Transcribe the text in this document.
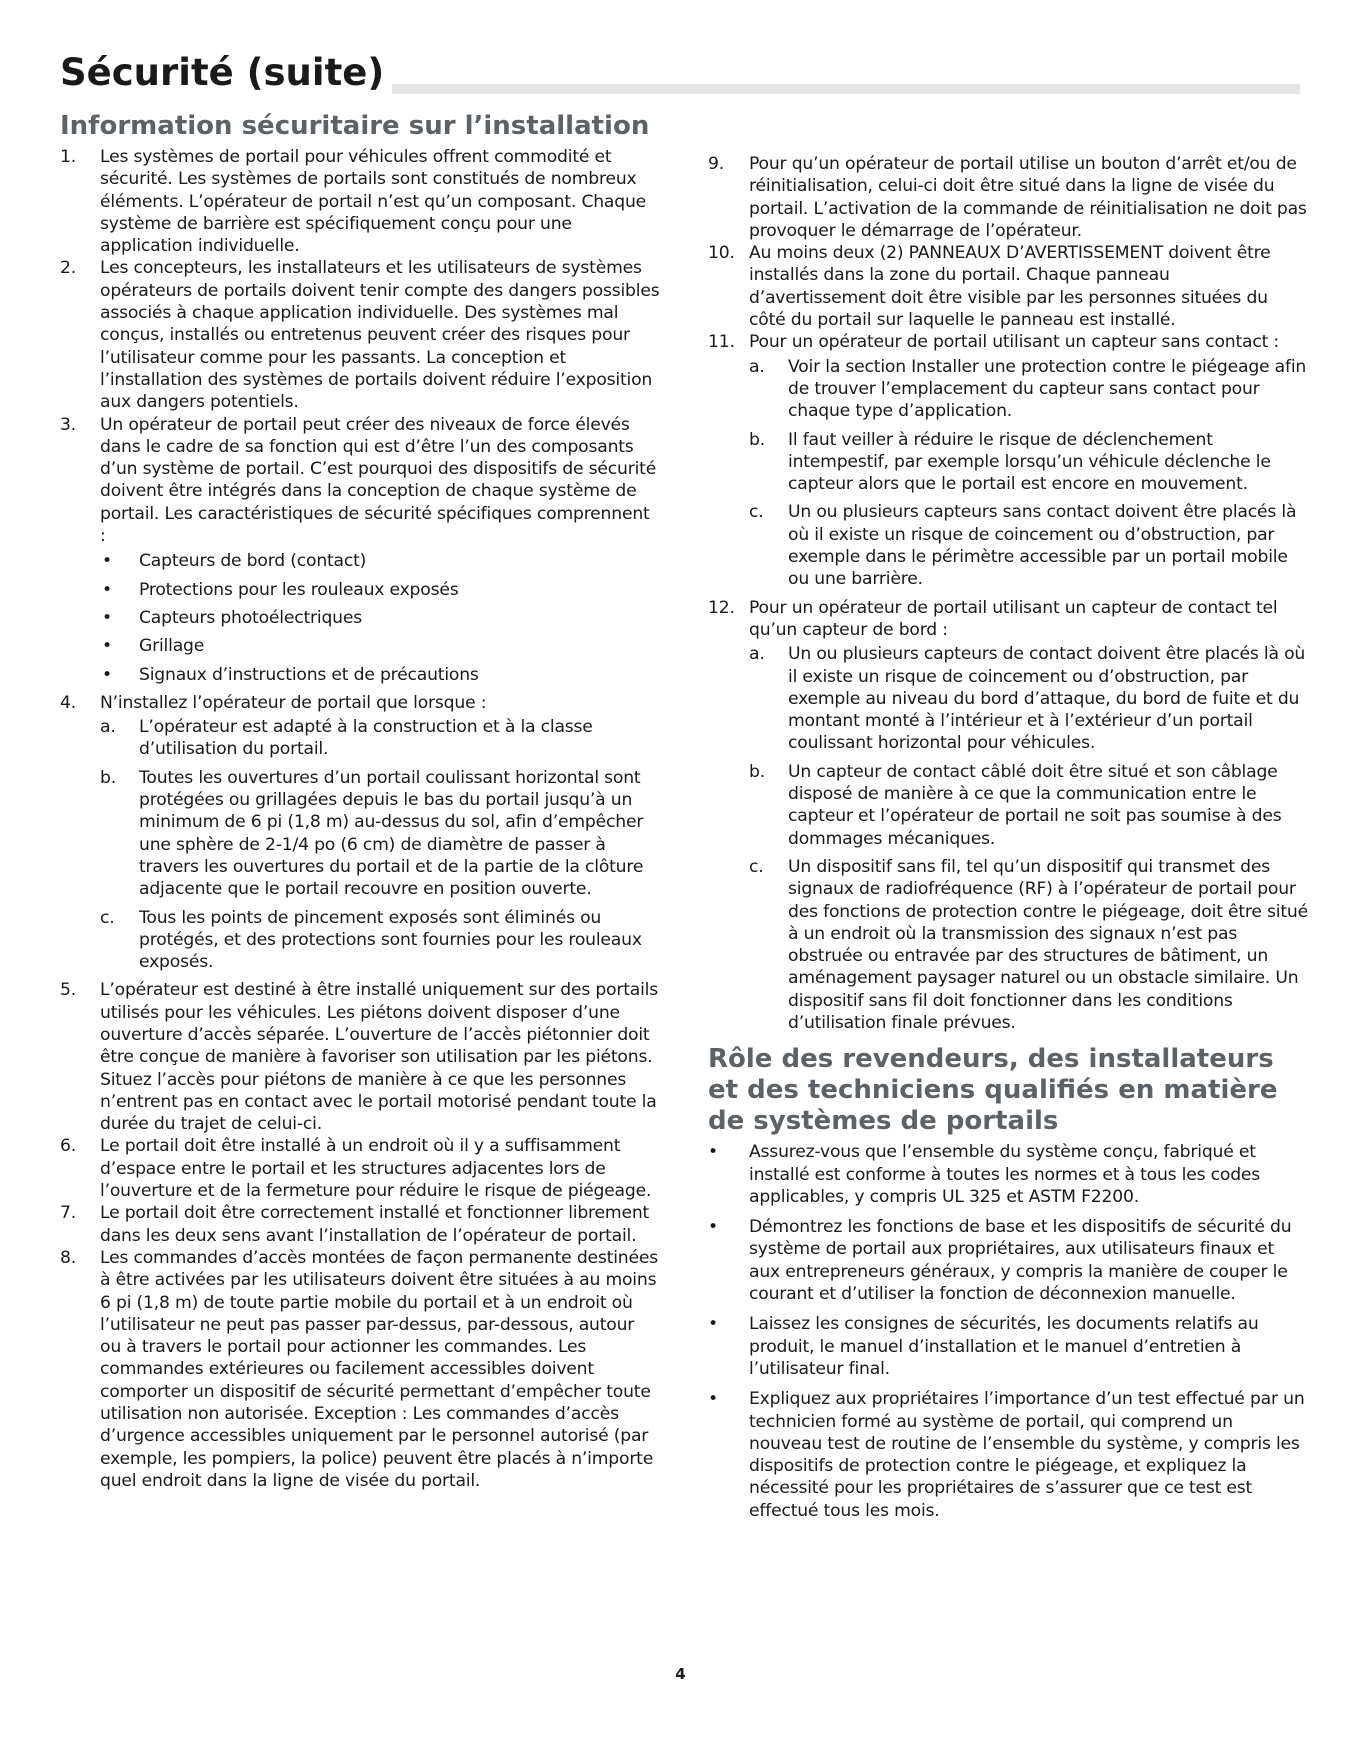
Sécurité (suite)
Information sécuritaire sur l’installation
1. Les systèmes de portail pour véhicules offrent commodité et sécurité. Les systèmes de portails sont constitués de nombreux éléments. L’opérateur de portail n’est qu’un composant. Chaque système de barrière est spécifiquement conçu pour une application individuelle.
2. Les concepteurs, les installateurs et les utilisateurs de systèmes opérateurs de portails doivent tenir compte des dangers possibles associés à chaque application individuelle. Des systèmes mal conçus, installés ou entretenus peuvent créer des risques pour l’utilisateur comme pour les passants. La conception et l’installation des systèmes de portails doivent réduire l’exposition aux dangers potentiels.
3. Un opérateur de portail peut créer des niveaux de force élevés dans le cadre de sa fonction qui est d’être l’un des composants d’un système de portail. C’est pourquoi des dispositifs de sécurité doivent être intégrés dans la conception de chaque système de portail. Les caractéristiques de sécurité spécifiques comprennent :
• Capteurs de bord (contact)
• Protections pour les rouleaux exposés
• Capteurs photoélectriques
• Grillage
• Signaux d’instructions et de précautions
4. N’installez l’opérateur de portail que lorsque :
a. L’opérateur est adapté à la construction et à la classe d’utilisation du portail.
b. Toutes les ouvertures d’un portail coulissant horizontal sont protégées ou grillagées depuis le bas du portail jusqu’à un minimum de 6 pi (1,8 m) au-dessus du sol, afin d’empêcher une sphère de 2-1/4 po (6 cm) de diamètre de passer à travers les ouvertures du portail et de la partie de la clôture adjacente que le portail recouvre en position ouverte.
c. Tous les points de pincement exposés sont éliminés ou protégés, et des protections sont fournies pour les rouleaux exposés.
5. L’opérateur est destiné à être installé uniquement sur des portails utilisés pour les véhicules. Les piétons doivent disposer d’une ouverture d’accès séparée. L’ouverture de l’accès piétonnier doit être conçue de manière à favoriser son utilisation par les piétons. Situez l’accès pour piétons de manière à ce que les personnes n’entrent pas en contact avec le portail motorisé pendant toute la durée du trajet de celui-ci.
6. Le portail doit être installé à un endroit où il y a suffisamment d’espace entre le portail et les structures adjacentes lors de l’ouverture et de la fermeture pour réduire le risque de piégeage.
7. Le portail doit être correctement installé et fonctionner librement dans les deux sens avant l’installation de l’opérateur de portail.
8. Les commandes d’accès montées de façon permanente destinées à être activées par les utilisateurs doivent être situées à au moins 6 pi (1,8 m) de toute partie mobile du portail et à un endroit où l’utilisateur ne peut pas passer par-dessus, par-dessous, autour ou à travers le portail pour actionner les commandes. Les commandes extérieures ou facilement accessibles doivent comporter un dispositif de sécurité permettant d’empêcher toute utilisation non autorisée. Exception : Les commandes d’accès d’urgence accessibles uniquement par le personnel autorisé (par exemple, les pompiers, la police) peuvent être placés à n’importe quel endroit dans la ligne de visée du portail.
9. Pour qu’un opérateur de portail utilise un bouton d’arrêt et/ou de réinitialisation, celui-ci doit être situé dans la ligne de visée du portail. L’activation de la commande de réinitialisation ne doit pas provoquer le démarrage de l’opérateur.
10. Au moins deux (2) PANNEAUX D’AVERTISSEMENT doivent être installés dans la zone du portail. Chaque panneau d’avertissement doit être visible par les personnes situées du côté du portail sur laquelle le panneau est installé.
11. Pour un opérateur de portail utilisant un capteur sans contact :
a. Voir la section Installer une protection contre le piégeage afin de trouver l’emplacement du capteur sans contact pour chaque type d’application.
b. Il faut veiller à réduire le risque de déclenchement intempestif, par exemple lorsqu’un véhicule déclenche le capteur alors que le portail est encore en mouvement.
c. Un ou plusieurs capteurs sans contact doivent être placés là où il existe un risque de coincement ou d’obstruction, par exemple dans le périmètre accessible par un portail mobile ou une barrière.
12. Pour un opérateur de portail utilisant un capteur de contact tel qu’un capteur de bord :
a. Un ou plusieurs capteurs de contact doivent être placés là où il existe un risque de coincement ou d’obstruction, par exemple au niveau du bord d’attaque, du bord de fuite et du montant monté à l’intérieur et à l’extérieur d’un portail coulissant horizontal pour véhicules.
b. Un capteur de contact câblé doit être situé et son câblage disposé de manière à ce que la communication entre le capteur et l’opérateur de portail ne soit pas soumise à des dommages mécaniques.
c. Un dispositif sans fil, tel qu’un dispositif qui transmet des signaux de radiofréquence (RF) à l’opérateur de portail pour des fonctions de protection contre le piégeage, doit être situé à un endroit où la transmission des signaux n’est pas obstruée ou entravée par des structures de bâtiment, un aménagement paysager naturel ou un obstacle similaire. Un dispositif sans fil doit fonctionner dans les conditions d’utilisation finale prévues.
Rôle des revendeurs, des installateurs et des techniciens qualifiés en matière de systèmes de portails
• Assurez-vous que l’ensemble du système conçu, fabriqué et installé est conforme à toutes les normes et à tous les codes applicables, y compris UL 325 et ASTM F2200.
• Démontrez les fonctions de base et les dispositifs de sécurité du système de portail aux propriétaires, aux utilisateurs finaux et aux entrepreneurs généraux, y compris la manière de couper le courant et d’utiliser la fonction de déconnexion manuelle.
• Laissez les consignes de sécurités, les documents relatifs au produit, le manuel d’installation et le manuel d’entretien à l’utilisateur final.
• Expliquez aux propriétaires l’importance d’un test effectué par un technicien formé au système de portail, qui comprend un nouveau test de routine de l’ensemble du système, y compris les dispositifs de protection contre le piégeage, et expliquez la nécessité pour les propriétaires de s’assurer que ce test est effectué tous les mois.
4
